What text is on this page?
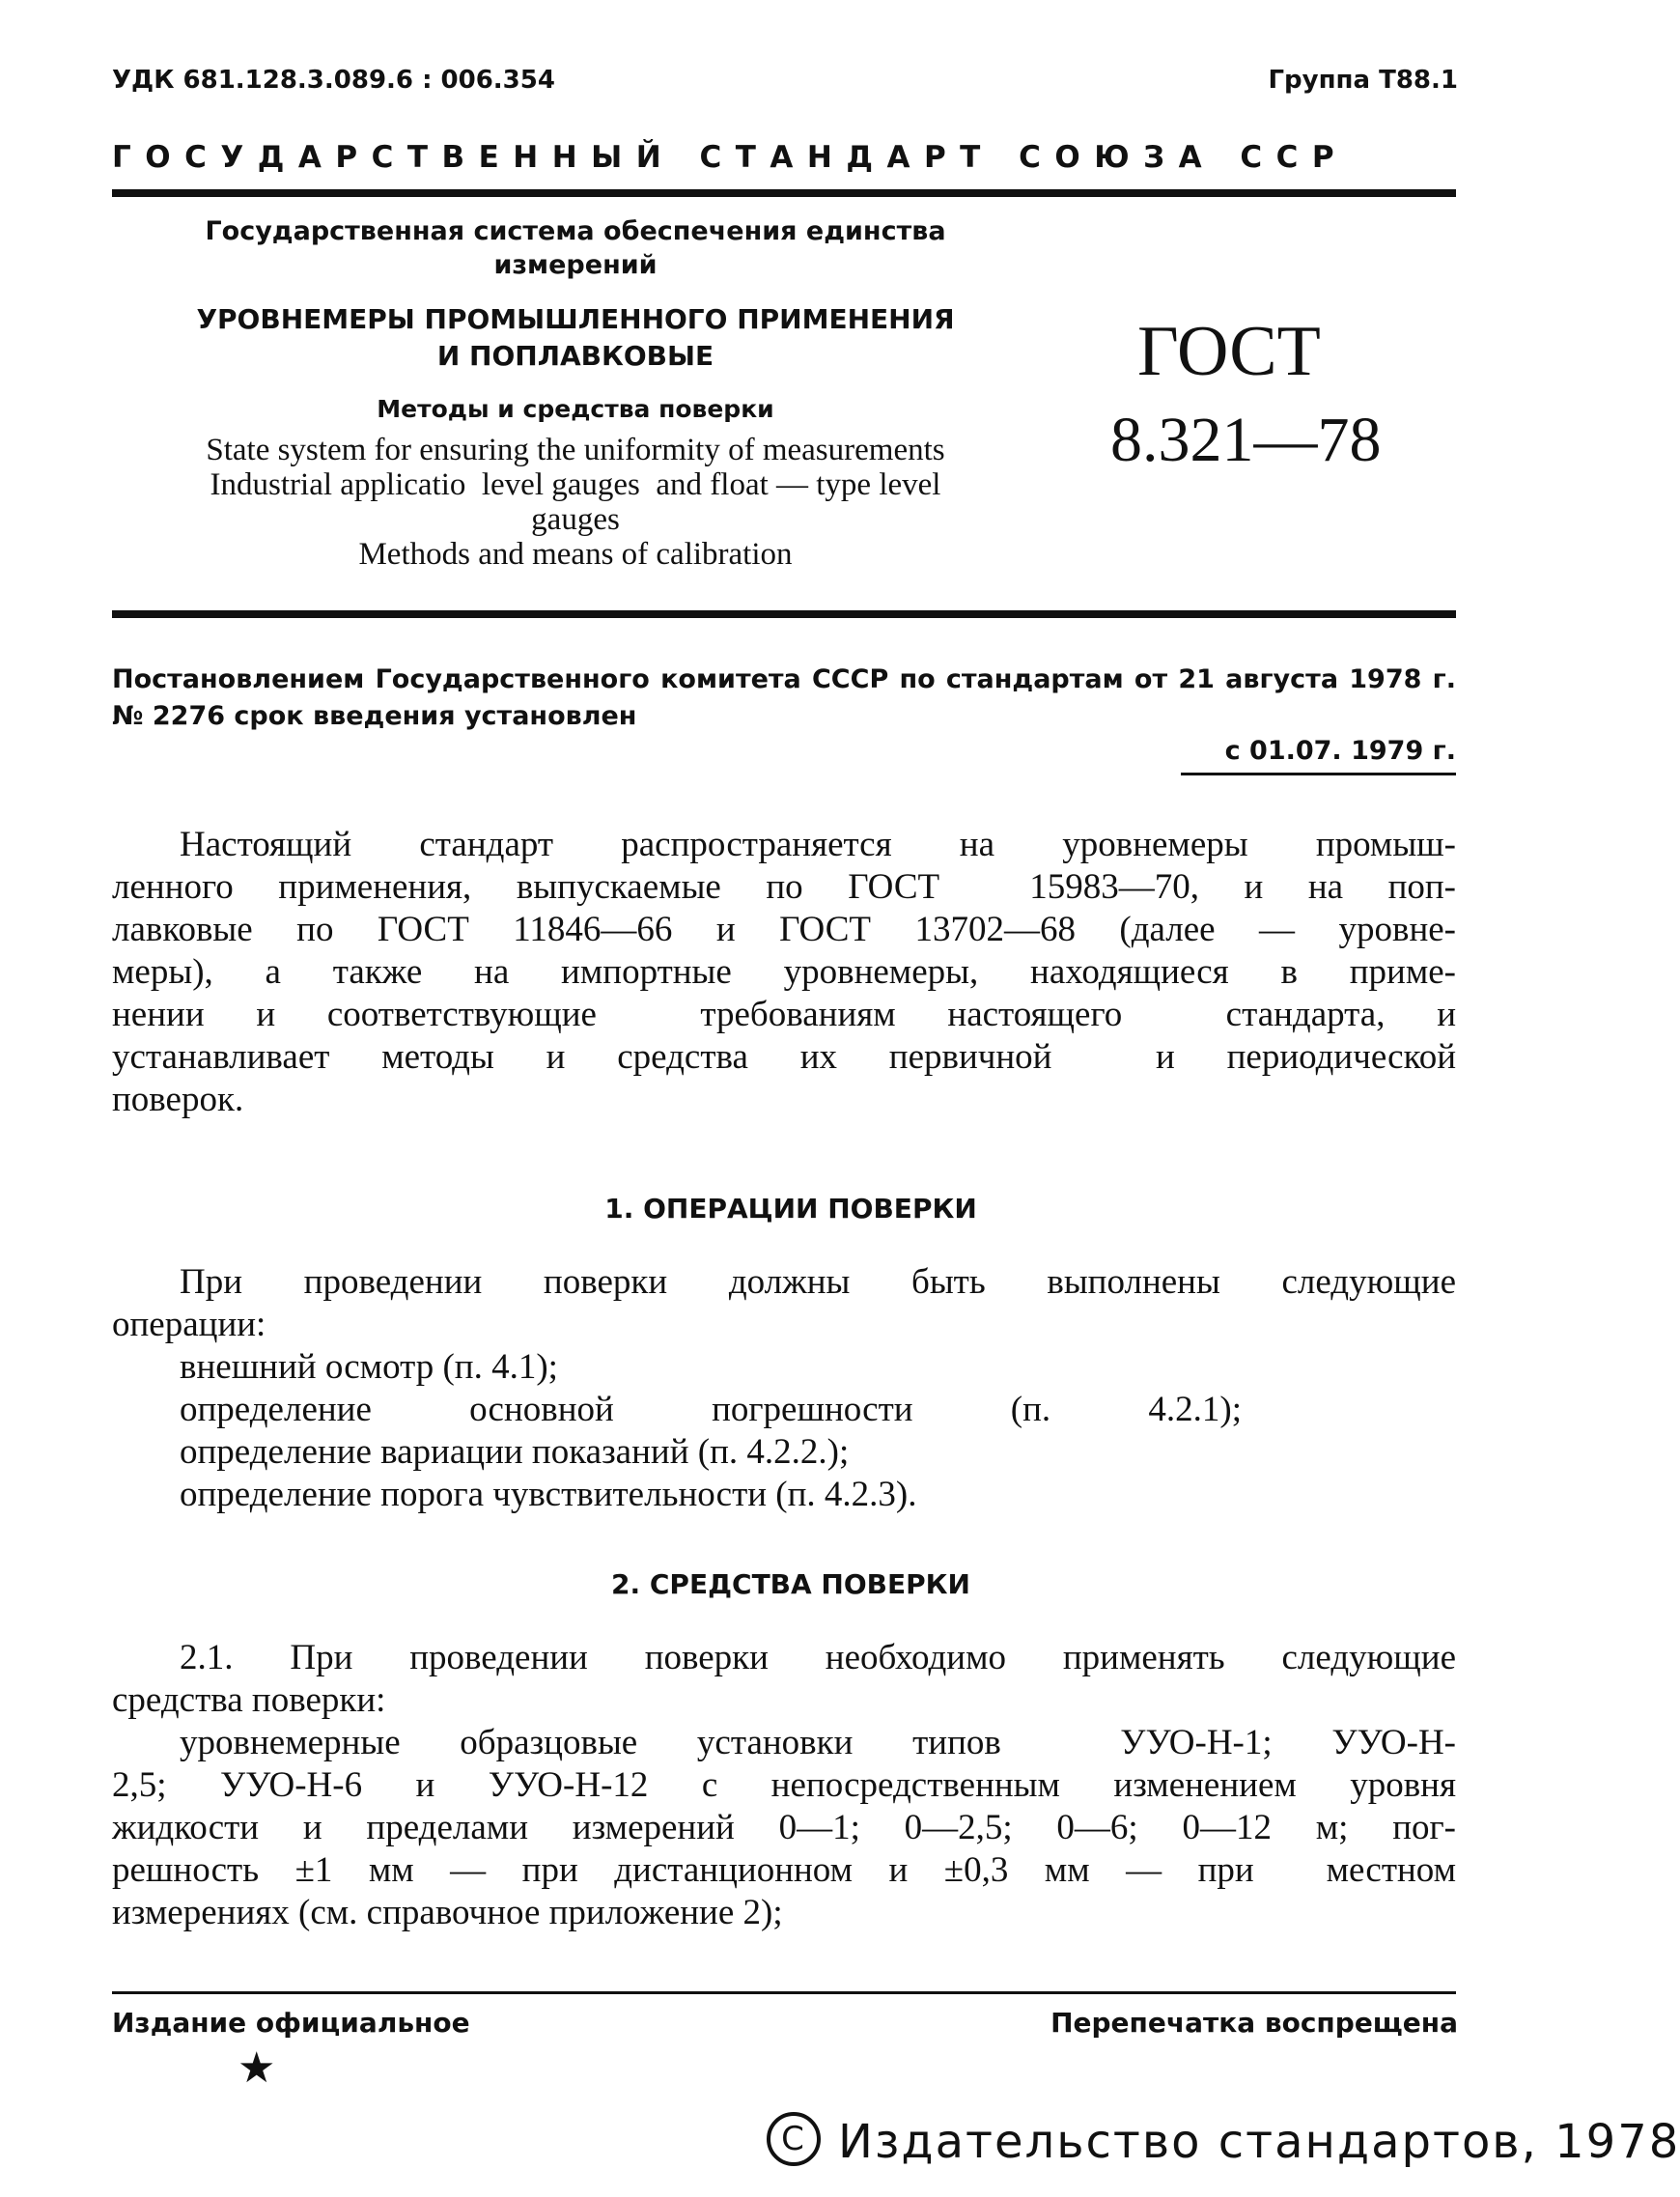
УДК 681.128.3.089.6 : 006.354	Группа Т88.1
ГОСУДАРСТВЕННЫЙ СТАНДАРТ СОЮЗА ССР
Государственная система обеспечения единства измерений
УРОВНЕМЕРЫ ПРОМЫШЛЕННОГО ПРИМЕНЕНИЯ
И ПОПЛАВКОВЫЕ
Методы и средства поверки
State system for ensuring the uniformity of measurements
Industrial applicatio  level gauges  and float — type level
gauges
Methods and means of calibration
ГОСТ
8.321—78
Постановлением Государственного комитета СССР по стандартам от 21 августа 1978 г. № 2276 срок введения установлен
с 01.07. 1979 г.
Настоящий стандарт распространяется на уровнемеры промыш-
ленного применения, выпускаемые по ГОСТ  15983—70, и на поп-
лавковые по ГОСТ 11846—66 и ГОСТ 13702—68 (далее — уровне-
меры), а также на импортные уровнемеры, находящиеся в приме-
нении и соответствующие  требованиям настоящего  стандарта, и
устанавливает методы и средства их первичной  и периодической
поверок.
1. ОПЕРАЦИИ ПОВЕРКИ
При проведении поверки должны быть выполнены следующие
операции:
внешний осмотр (п. 4.1);
определение основной погрешности (п. 4.2.1);
определение вариации показаний (п. 4.2.2.);
определение порога чувствительности (п. 4.2.3).
2. СРЕДСТВА ПОВЕРКИ
2.1. При проведении поверки необходимо применять следующие
средства поверки:
уровнемерные образцовые установки типов  УУО-Н-1; УУО-Н-
2,5; УУО-Н-6 и УУО-Н-12 с непосредственным изменением уровня
жидкости и пределами измерений 0—1; 0—2,5; 0—6; 0—12 м; пог-
решность ±1 мм — при дистанционном и ±0,3 мм — при  местном
измерениях (см. справочное приложение 2);
Издание официальное	Перепечатка воспрещена
★
C Издательство стандартов, 1978
